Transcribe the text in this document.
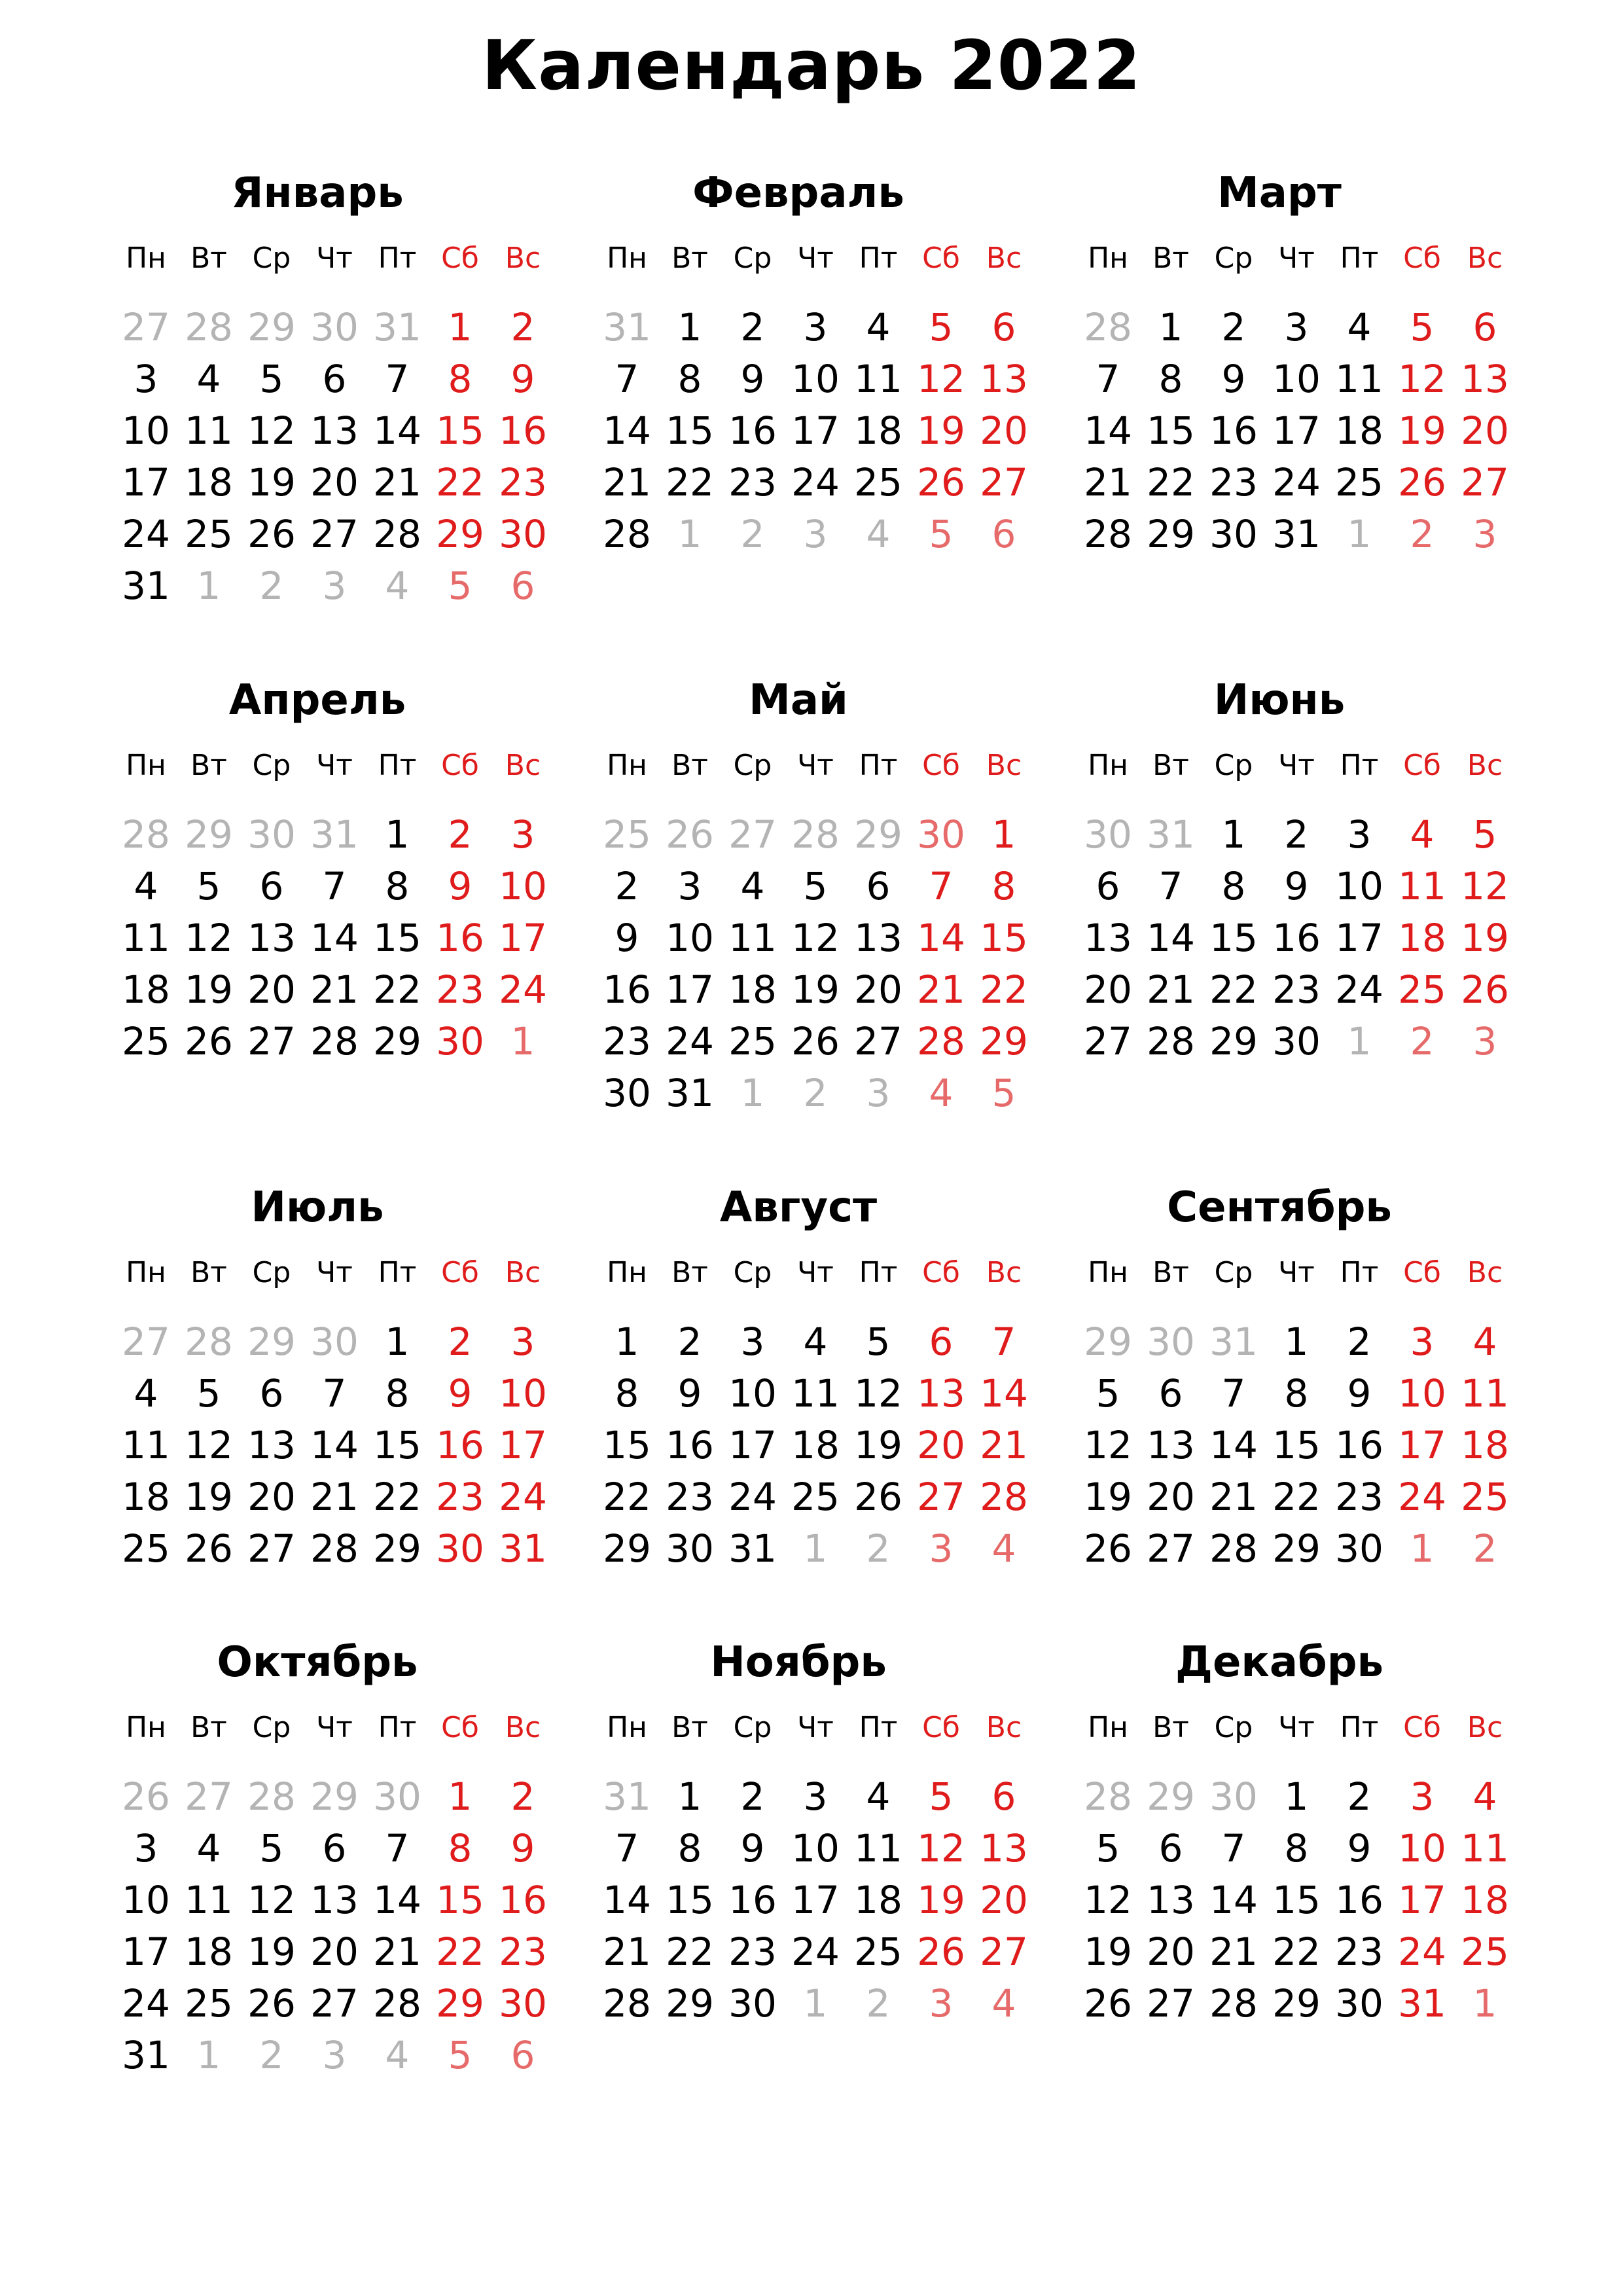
Календарь 2022
Январь
Пн Вт Ср Чт Пт Сб Вс
27 28 29 30 31 1	2
3	4	5	6	7	8	9
10 11 12 13 14 15 16
17 18 19 20 21 22 23
24 25 26 27 28 29 30
31 1	2	3	4	5	6
Февраль
Пн Вт Ср Чт Пт Сб Вс
31 1	2	3	4	5	6
7	8	9 10 11 12 13
14 15 16 17 18 19 20
21 22 23 24 25 26 27
28 1	2	3	4	5	6
Март
Пн Вт Ср Чт Пт Сб Вс
28 1	2	3	4	5	6
7	8	9 10 11 12 13
14 15 16 17 18 19 20
21 22 23 24 25 26 27
28 29 30 31 1	2	3
Апрель
Пн Вт Ср Чт Пт Сб Вс
28 29 30 31 1	2	3
4	5	6	7	8	9 10
11 12 13 14 15 16 17
18 19 20 21 22 23 24
25 26 27 28 29 30 1
Май
Пн Вт Ср Чт Пт Сб Вс
25 26 27 28 29 30 1
2	3	4	5	6	7	8
9 10 11 12 13 14 15
16 17 18 19 20 21 22
23 24 25 26 27 28 29
30 31 1	2	3	4	5
Июнь
Пн Вт Ср Чт Пт Сб Вс
30 31 1	2	3	4	5
6	7	8	9 10 11 12
13 14 15 16 17 18 19
20 21 22 23 24 25 26
27 28 29 30 1	2	3
Июль
Пн Вт Ср Чт Пт Сб Вс
27 28 29 30 1	2	3
4	5	6	7	8	9 10
11 12 13 14 15 16 17
18 19 20 21 22 23 24
25 26 27 28 29 30 31
Август
Пн Вт Ср Чт Пт Сб Вс
1	2	3	4	5	6	7
8	9 10 11 12 13 14
15 16 17 18 19 20 21
22 23 24 25 26 27 28
29 30 31 1	2	3	4
Сентябрь
Пн Вт Ср Чт Пт Сб Вс
29 30 31 1	2	3	4
5	6	7	8	9 10 11
12 13 14 15 16 17 18
19 20 21 22 23 24 25
26 27 28 29 30 1	2
Октябрь
Пн Вт Ср Чт Пт Сб Вс
26 27 28 29 30 1	2
3	4	5	6	7	8	9
10 11 12 13 14 15 16
17 18 19 20 21 22 23
24 25 26 27 28 29 30
31 1	2	3	4	5	6
Ноябрь
Пн Вт Ср Чт Пт Сб Вс
31 1	2	3	4	5	6
7	8	9 10 11 12 13
14 15 16 17 18 19 20
21 22 23 24 25 26 27
28 29 30 1	2	3	4
Декабрь
Пн Вт Ср Чт Пт Сб Вс
28 29 30 1	2	3	4
5	6	7	8	9 10 11
12 13 14 15 16 17 18
19 20 21 22 23 24 25
26 27 28 29 30 31 1
